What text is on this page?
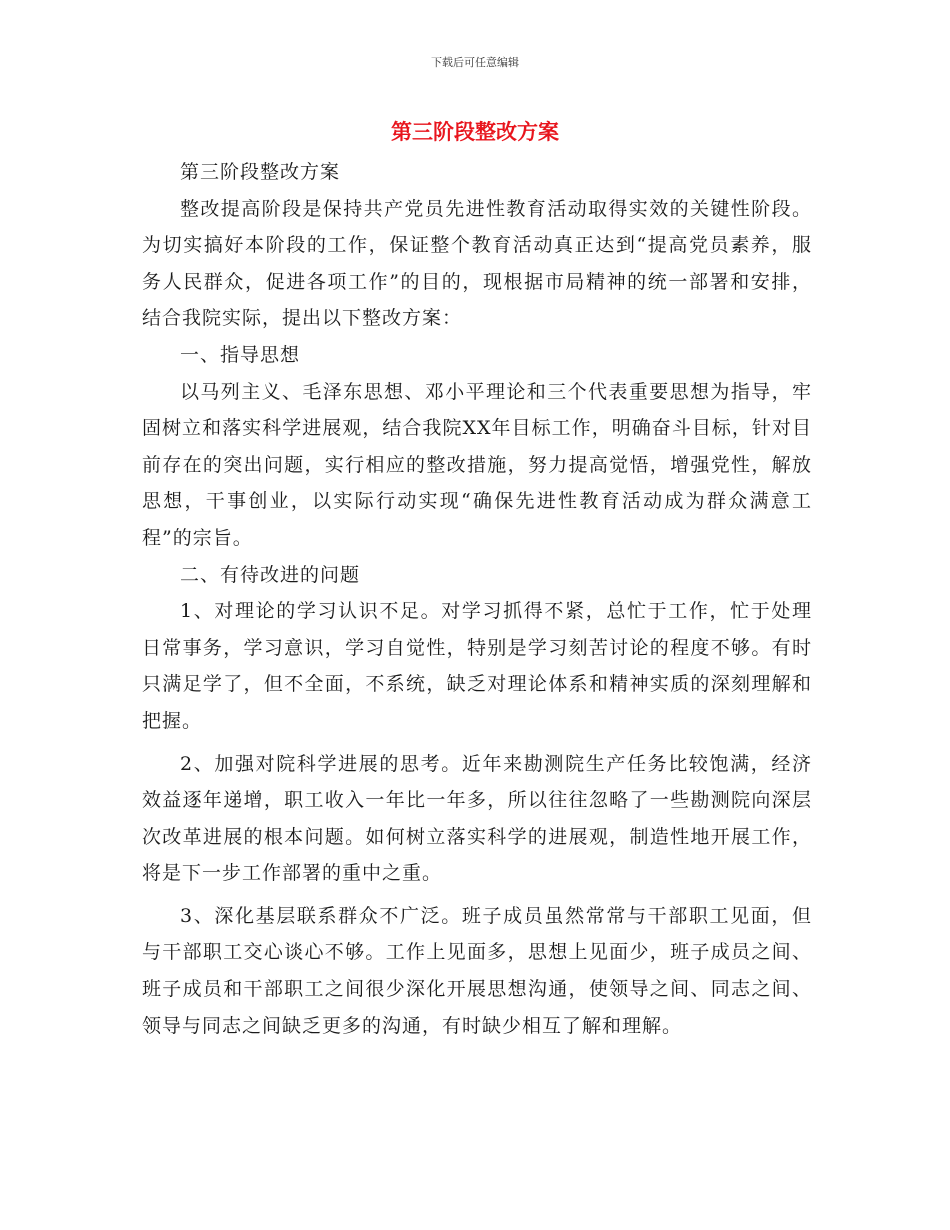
下载后可任意编辑
第三阶段整改方案

第三阶段整改方案

整改提高阶段是保持共产党员先进性教育活动取得实效的关键性阶段。为切实搞好本阶段的工作，保证整个教育活动真正达到“提高党员素养，服务人民群众，促进各项工作”的目的，现根据市局精神的统一部署和安排，结合我院实际，提出以下整改方案：

一、指导思想

以马列主义、毛泽东思想、邓小平理论和三个代表重要思想为指导，牢固树立和落实科学进展观，结合我院XX年目标工作，明确奋斗目标，针对目前存在的突出问题，实行相应的整改措施，努力提高觉悟，增强党性，解放思想，干事创业，以实际行动实现“确保先进性教育活动成为群众满意工程”的宗旨。

二、有待改进的问题

1、对理论的学习认识不足。对学习抓得不紧，总忙于工作，忙于处理日常事务，学习意识，学习自觉性，特别是学习刻苦讨论的程度不够。有时只满足学了，但不全面，不系统，缺乏对理论体系和精神实质的深刻理解和把握。

2、加强对院科学进展的思考。近年来勘测院生产任务比较饱满，经济效益逐年递增，职工收入一年比一年多，所以往往忽略了一些勘测院向深层次改革进展的根本问题。如何树立落实科学的进展观，制造性地开展工作，将是下一步工作部署的重中之重。

3、深化基层联系群众不广泛。班子成员虽然常常与干部职工见面，但与干部职工交心谈心不够。工作上见面多，思想上见面少，班子成员之间、班子成员和干部职工之间很少深化开展思想沟通，使领导之间、同志之间、领导与同志之间缺乏更多的沟通，有时缺少相互了解和理解。
